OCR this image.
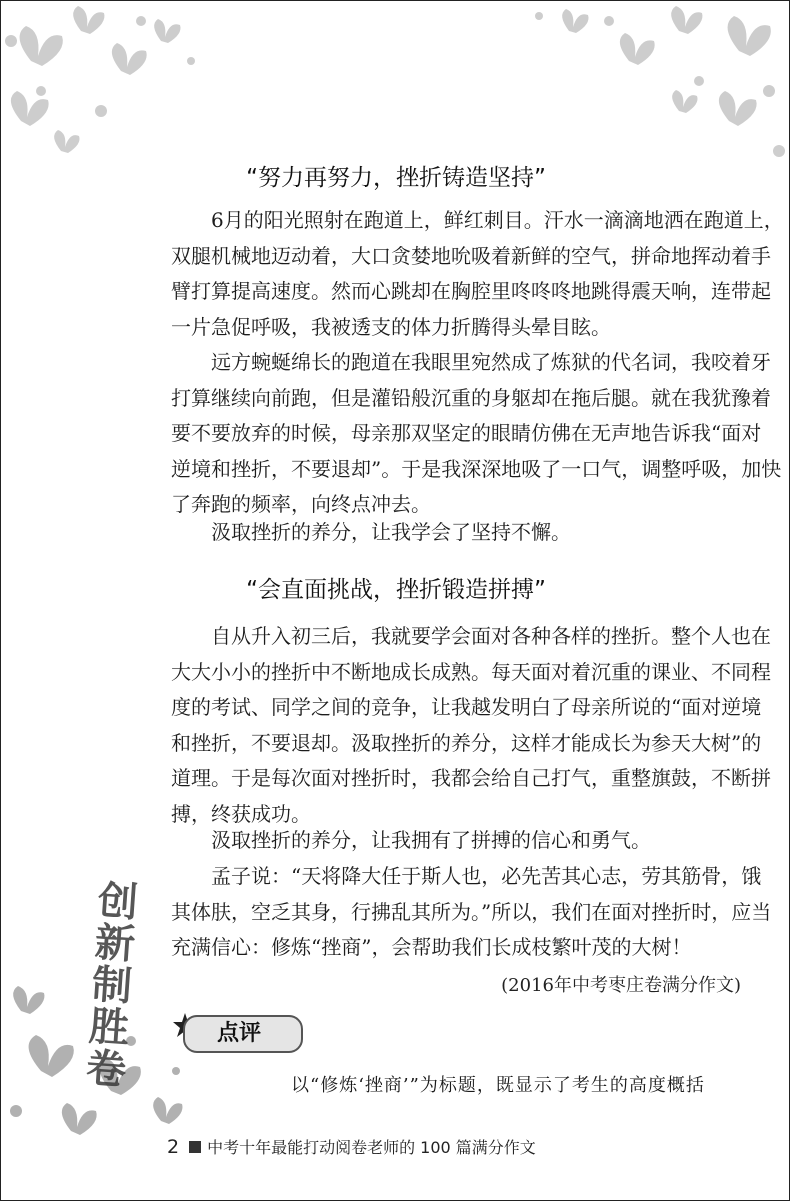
创新制胜卷
“努力再努力，挫折铸造坚持”
6月的阳光照射在跑道上，鲜红刺目。汗水一滴滴地洒在跑道上，
双腿机械地迈动着，大口贪婪地吮吸着新鲜的空气，拼命地挥动着手
臂打算提高速度。然而心跳却在胸腔里咚咚咚地跳得震天响，连带起
一片急促呼吸，我被透支的体力折腾得头晕目眩。
远方蜿蜒绵长的跑道在我眼里宛然成了炼狱的代名词，我咬着牙
打算继续向前跑，但是灌铅般沉重的身躯却在拖后腿。就在我犹豫着
要不要放弃的时候，母亲那双坚定的眼睛仿佛在无声地告诉我“面对
逆境和挫折，不要退却”。于是我深深地吸了一口气，调整呼吸，加快
了奔跑的频率，向终点冲去。
汲取挫折的养分，让我学会了坚持不懈。
“会直面挑战，挫折锻造拼搏”
自从升入初三后，我就要学会面对各种各样的挫折。整个人也在
大大小小的挫折中不断地成长成熟。每天面对着沉重的课业、不同程
度的考试、同学之间的竞争，让我越发明白了母亲所说的“面对逆境
和挫折，不要退却。汲取挫折的养分，这样才能成长为参天大树”的
道理。于是每次面对挫折时，我都会给自己打气，重整旗鼓，不断拼
搏，终获成功。
汲取挫折的养分，让我拥有了拼搏的信心和勇气。
孟子说：“天将降大任于斯人也，必先苦其心志，劳其筋骨，饿
其体肤，空乏其身，行拂乱其所为。”所以，我们在面对挫折时，应当
充满信心：修炼“挫商”，会帮助我们长成枝繁叶茂的大树！
(2016年中考枣庄卷满分作文)
点评
以“修炼‘挫商’”为标题，既显示了考生的高度概括
2 中考十年最能打动阅卷老师的 100 篇满分作文
